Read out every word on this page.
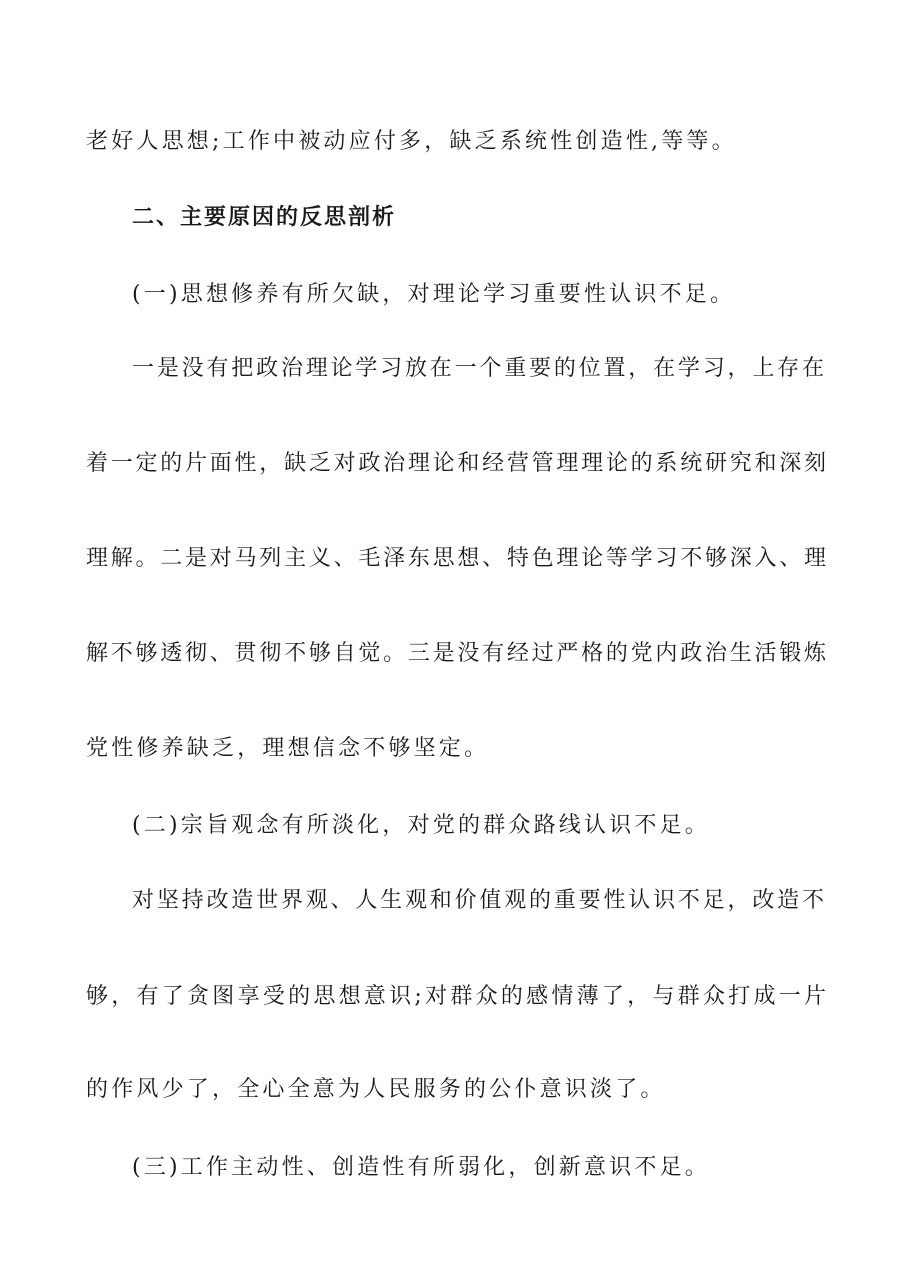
老好人思想;工作中被动应付多，缺乏系统性创造性,等等。
二、主要原因的反思剖析
(一)思想修养有所欠缺，对理论学习重要性认识不足。
一是没有把政治理论学习放在一个重要的位置，在学习，上存在
着一定的片面性，缺乏对政治理论和经营管理理论的系统研究和深刻
理解。二是对马列主义、毛泽东思想、特色理论等学习不够深入、理
解不够透彻、贯彻不够自觉。三是没有经过严格的党内政治生活锻炼
党性修养缺乏，理想信念不够坚定。
(二)宗旨观念有所淡化，对党的群众路线认识不足。
对坚持改造世界观、人生观和价值观的重要性认识不足，改造不
够，有了贪图享受的思想意识;对群众的感情薄了，与群众打成一片
的作风少了，全心全意为人民服务的公仆意识淡了。
(三)工作主动性、创造性有所弱化，创新意识不足。
